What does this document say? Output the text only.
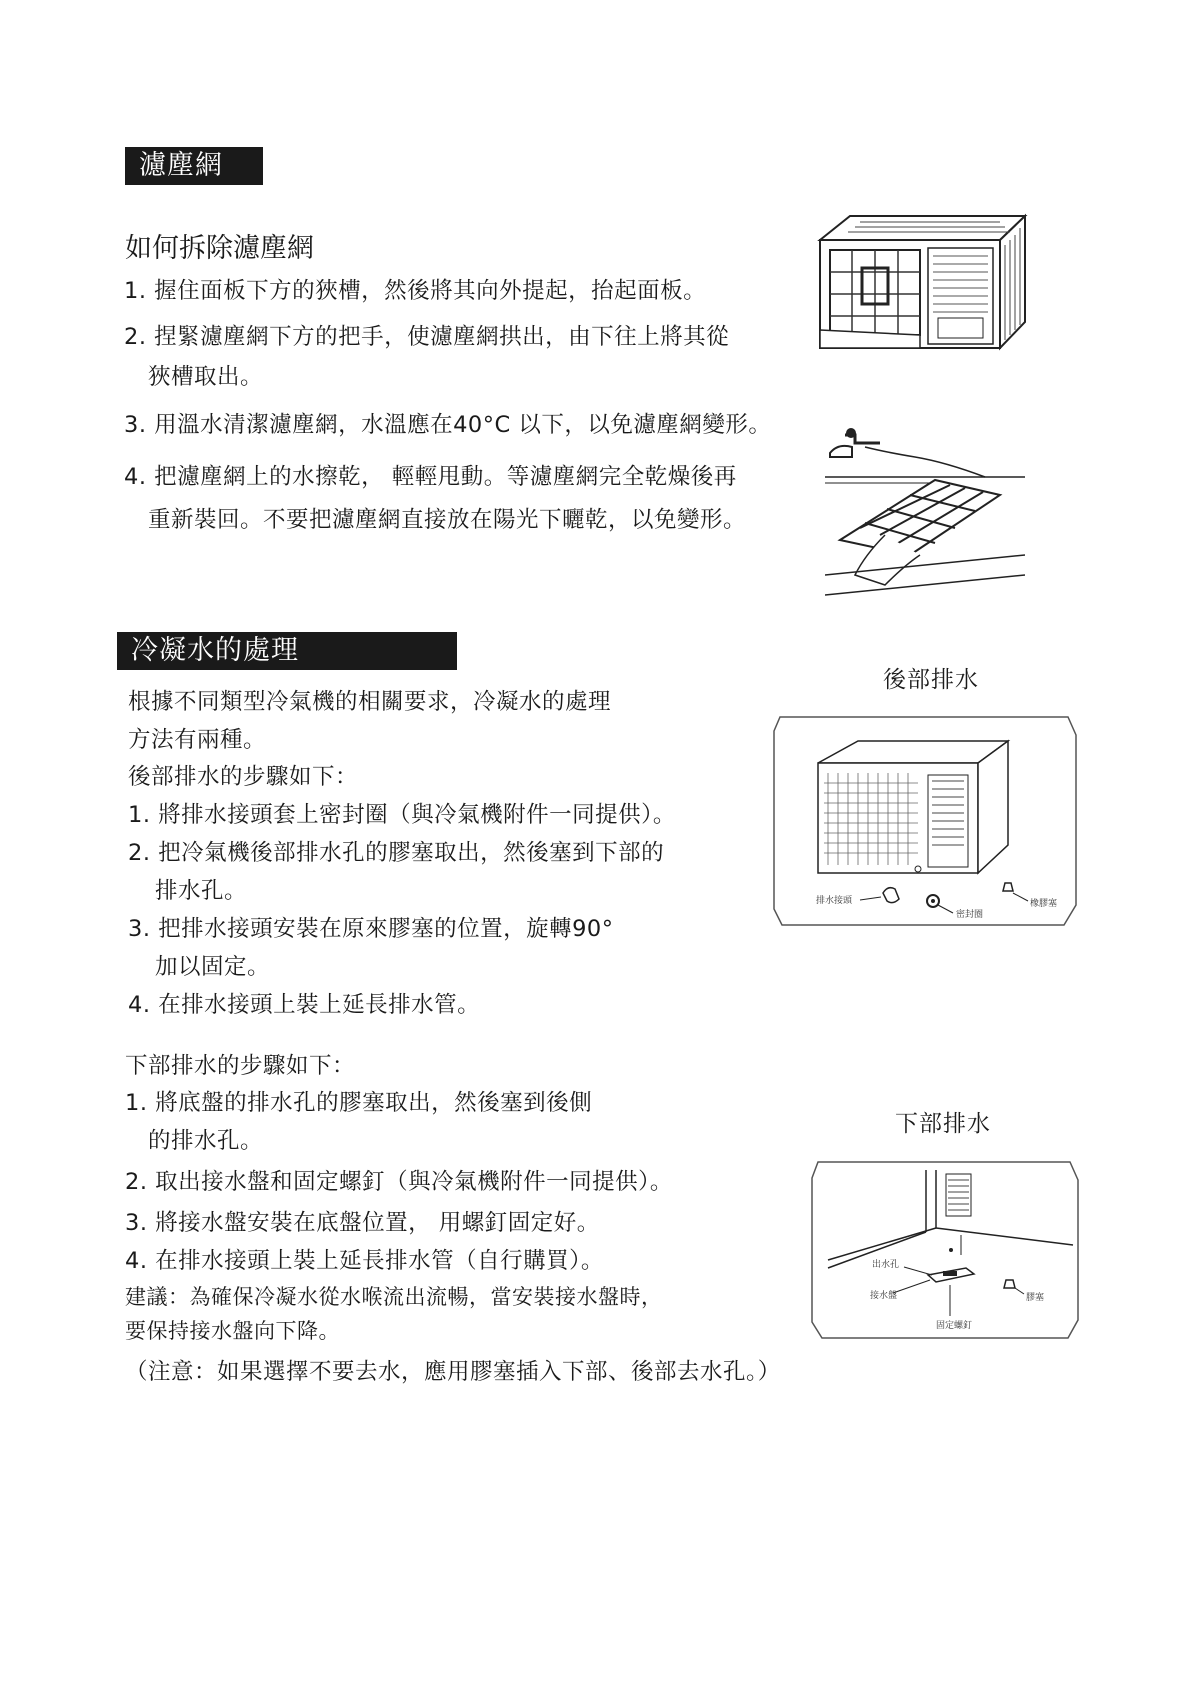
濾塵網
如何拆除濾塵網
1. 握住面板下方的狹槽，然後將其向外提起，抬起面板。
2. 捏緊濾塵網下方的把手，使濾塵網拱出，由下往上將其從
狹槽取出。
3. 用溫水清潔濾塵網，水溫應在40°C 以下，以免濾塵網變形。
4. 把濾塵網上的水擦乾， 輕輕甩動。等濾塵網完全乾燥後再
重新裝回。不要把濾塵網直接放在陽光下曬乾，以免變形。
冷凝水的處理
根據不同類型冷氣機的相關要求，冷凝水的處理
方法有兩種。
後部排水的步驟如下：
1. 將排水接頭套上密封圈（與冷氣機附件一同提供）。
2. 把冷氣機後部排水孔的膠塞取出，然後塞到下部的
排水孔。
3. 把排水接頭安裝在原來膠塞的位置，旋轉90°
加以固定。
4. 在排水接頭上裝上延長排水管。
下部排水的步驟如下：
1. 將底盤的排水孔的膠塞取出，然後塞到後側
的排水孔。
2. 取出接水盤和固定螺釘（與冷氣機附件一同提供）。
3. 將接水盤安裝在底盤位置， 用螺釘固定好。
4. 在排水接頭上裝上延長排水管（自行購買）。
建議：為確保冷凝水從水喉流出流暢，當安裝接水盤時，
要保持接水盤向下降。
（注意：如果選擇不要去水，應用膠塞插入下部、後部去水孔。）
後部排水
排水接頭
密封圈
橡膠塞
下部排水
出水孔
接水盤
固定螺釘
膠塞
